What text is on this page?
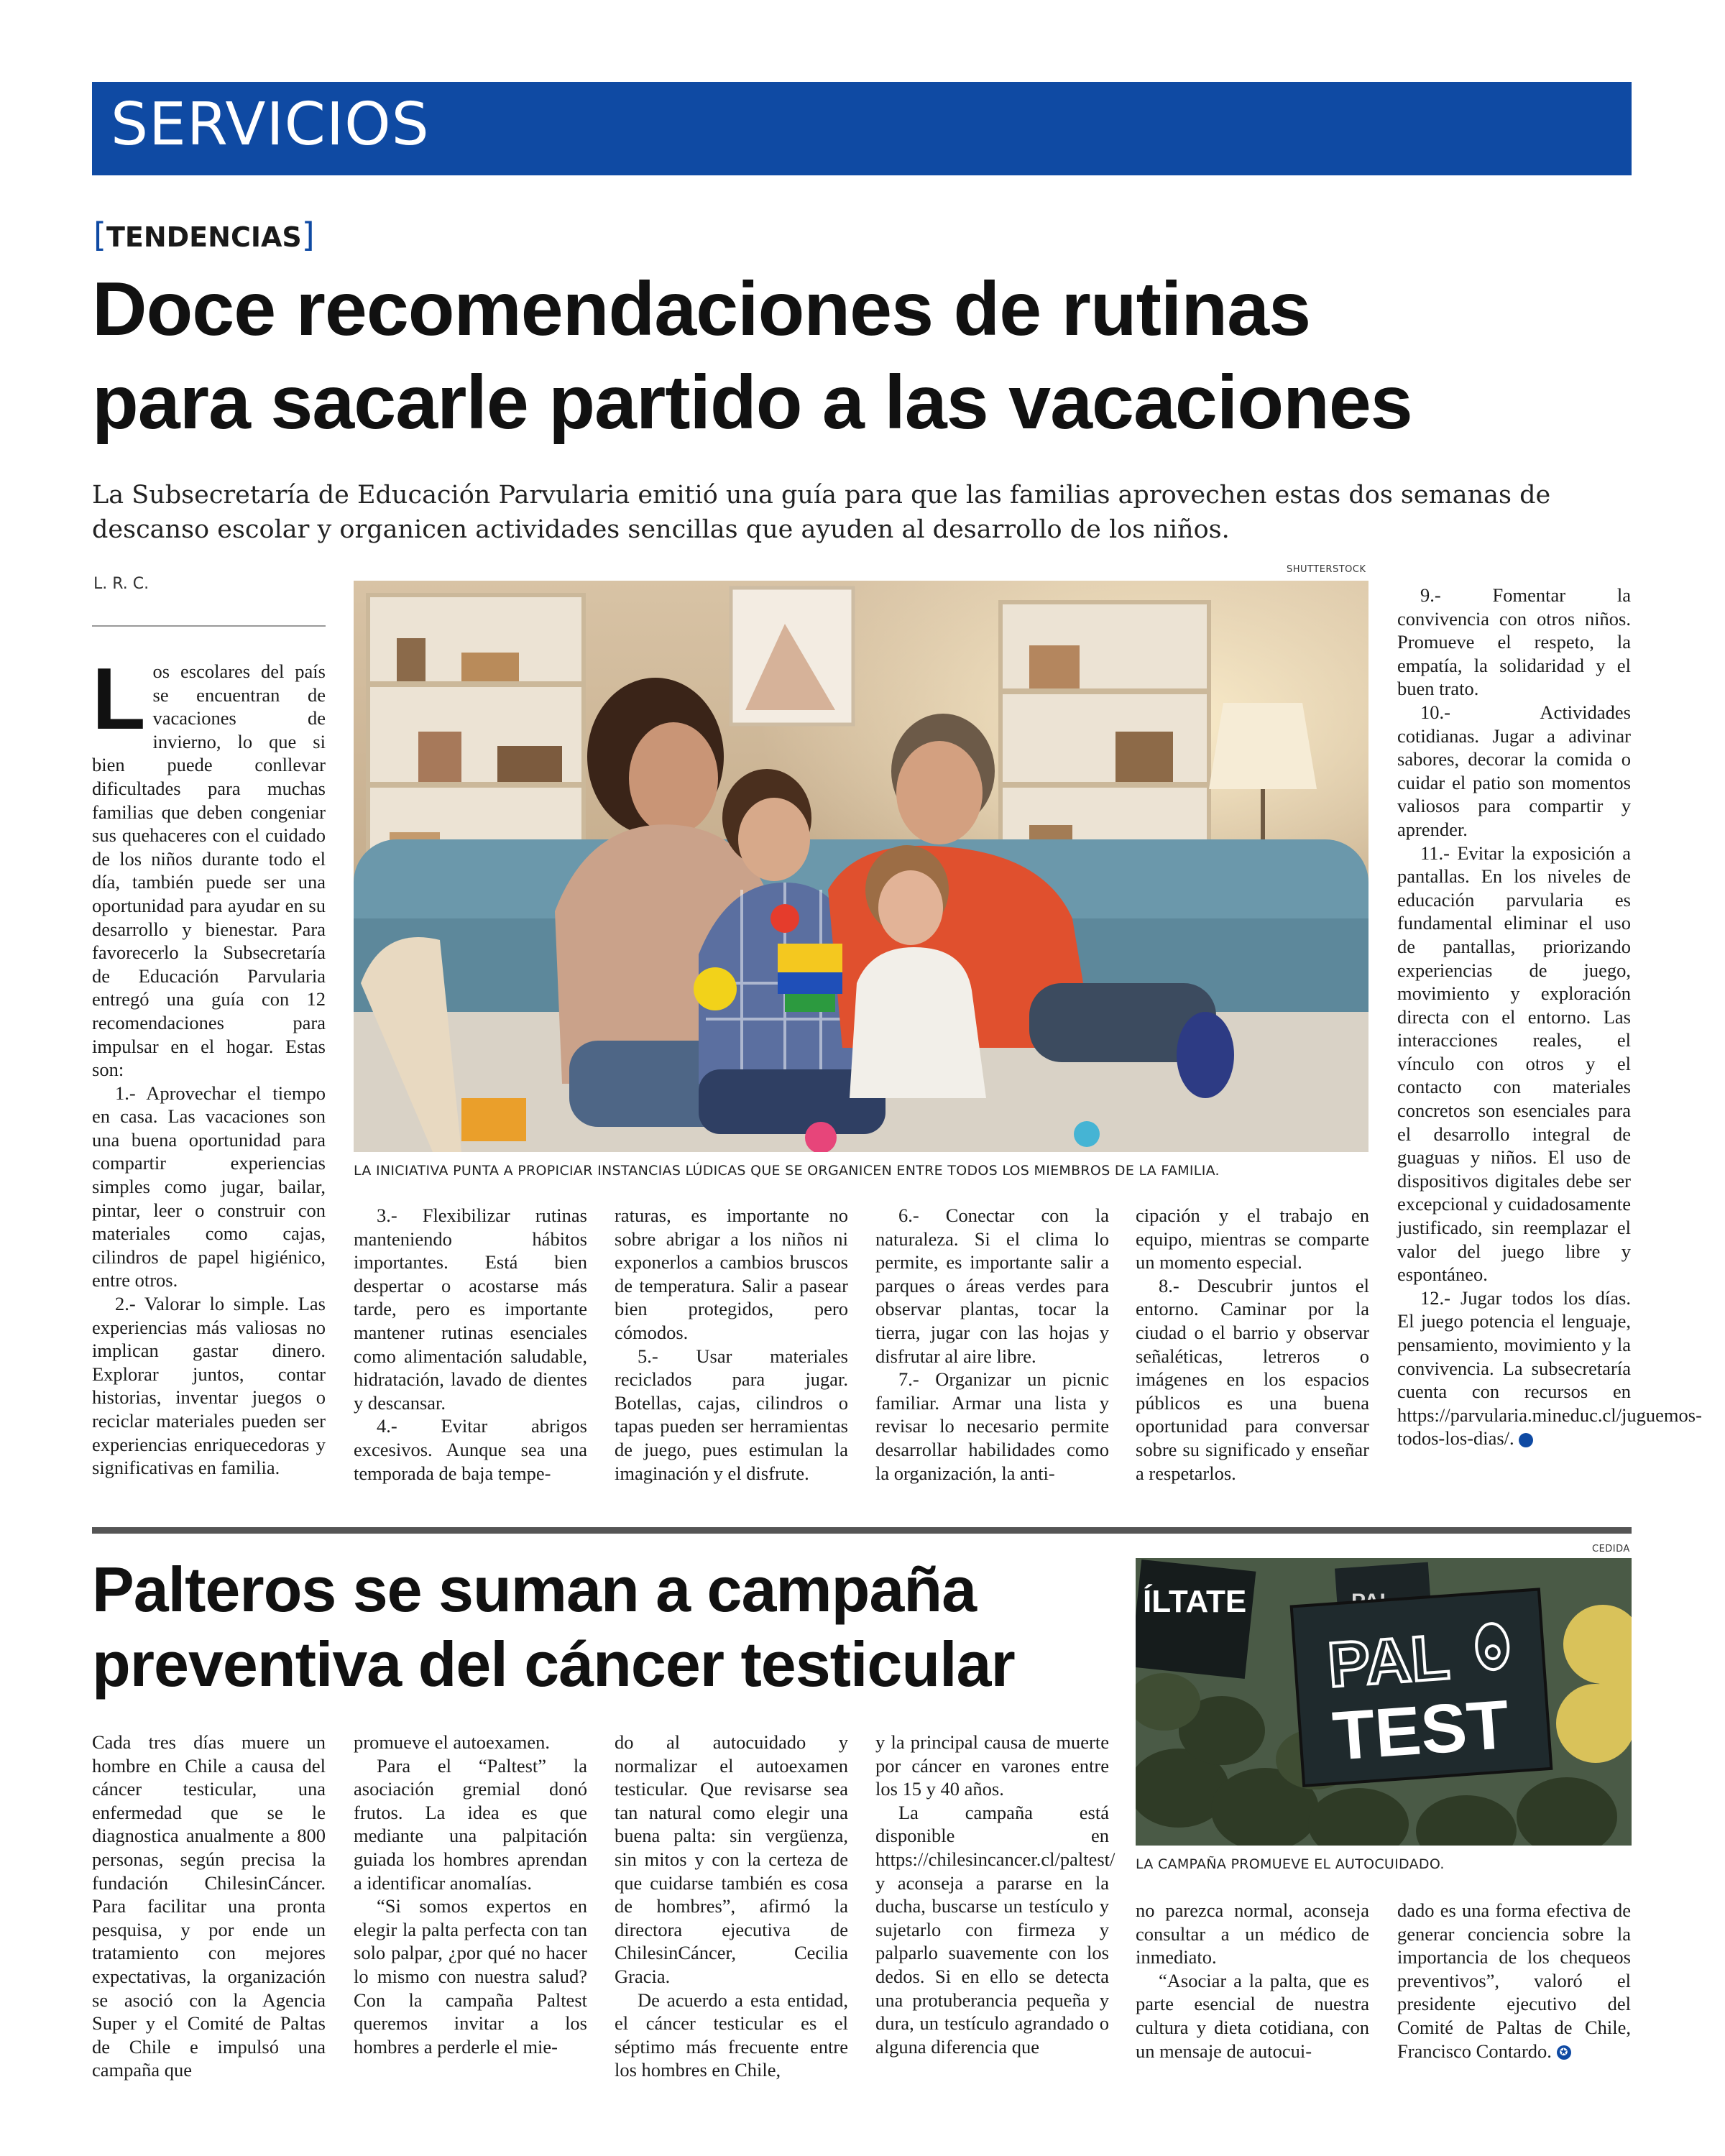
SERVICIOS
[TENDENCIAS]
Doce recomendaciones de rutinas
para sacarle partido a las vacaciones
La Subsecretaría de Educación Parvularia emitió una guía para que las familias aprovechen estas dos semanas de descanso escolar y organicen actividades sencillas que ayuden al desarrollo de los niños.
L. R. C.

Los escolares del país se encuentran de vacaciones de invierno, lo que si bien puede conllevar dificultades para muchas familias que deben congeniar sus quehaceres con el cuidado de los niños durante todo el día, también puede ser una oportunidad para ayudar en su desarrollo y bienestar. Para favorecerlo la Subsecretaría de Educación Parvularia entregó una guía con 12 recomendaciones para impulsar en el hogar. Estas son:

1.- Aprovechar el tiempo en casa. Las vacaciones son una buena oportunidad para compartir experiencias simples como jugar, bailar, pintar, leer o construir con materiales como cajas, cilindros de papel higiénico, entre otros.

2.- Valorar lo simple. Las experiencias más valiosas no implican gastar dinero. Explorar juntos, contar historias, inventar juegos o reciclar materiales pueden ser experiencias enriquecedoras y significativas en familia.

SHUTTERSTOCK
LA INICIATIVA PUNTA A PROPICIAR INSTANCIAS LÚDICAS QUE SE ORGANICEN ENTRE TODOS LOS MIEMBROS DE LA FAMILIA.

3.- Flexibilizar rutinas manteniendo hábitos importantes. Está bien despertar o acostarse más tarde, pero es importante mantener rutinas esenciales como alimentación saludable, hidratación, lavado de dientes y descansar.

4.- Evitar abrigos excesivos. Aunque sea una temporada de baja tempe-

raturas, es importante no sobre abrigar a los niños ni exponerlos a cambios bruscos de temperatura. Salir a pasear bien protegidos, pero cómodos.

5.- Usar materiales reciclados para jugar. Botellas, cajas, cilindros o tapas pueden ser herramientas de juego, pues estimulan la imaginación y el disfrute.

6.- Conectar con la naturaleza. Si el clima lo permite, es importante salir a parques o áreas verdes para observar plantas, tocar la tierra, jugar con las hojas y disfrutar al aire libre.

7.- Organizar un picnic familiar. Armar una lista y revisar lo necesario permite desarrollar habilidades como la organización, la anti-

cipación y el trabajo en equipo, mientras se comparte un momento especial.

8.- Descubrir juntos el entorno. Caminar por la ciudad o el barrio y observar señaléticas, letreros o imágenes en los espacios públicos es una buena oportunidad para conversar sobre su significado y enseñar a respetarlos.

9.- Fomentar la convivencia con otros niños. Promueve el respeto, la empatía, la solidaridad y el buen trato.

10.- Actividades cotidianas. Jugar a adivinar sabores, decorar la comida o cuidar el patio son momentos valiosos para compartir y aprender.

11.- Evitar la exposición a pantallas. En los niveles de educación parvularia es fundamental eliminar el uso de pantallas, priorizando experiencias de juego, movimiento y exploración directa con el entorno. Las interacciones reales, el vínculo con otros y el contacto con materiales concretos son esenciales para el desarrollo integral de guaguas y niños. El uso de dispositivos digitales debe ser excepcional y cuidadosamente justificado, sin reemplazar el valor del juego libre y espontáneo.

12.- Jugar todos los días. El juego potencia el lenguaje, pensamiento, movimiento y la convivencia. La subsecretaría cuenta con recursos en https://parvularia.mineduc.cl/juguemos-todos-los-dias/.	✪

Palteros se suman a campaña
preventiva del cáncer testicular
CEDIDA
ÍLTATE
PAL
TEST
LA CAMPAÑA PROMUEVE EL AUTOCUIDADO.

Cada tres días muere un hombre en Chile a causa del cáncer testicular, una enfermedad que se le diagnostica anualmente a 800 personas, según precisa la fundación ChilesinCáncer. Para facilitar una pronta pesquisa, y por ende un tratamiento con mejores expectativas, la organización se asoció con la Agencia Super y el Comité de Paltas de Chile e impulsó una campaña que

promueve el autoexamen.

Para el “Paltest” la asociación gremial donó frutos. La idea es que mediante una palpitación guiada los hombres aprendan a identificar anomalías.

“Si somos expertos en elegir la palta perfecta con tan solo palpar, ¿por qué no hacer lo mismo con nuestra salud? Con la campaña Paltest queremos invitar a los hombres a perderle el mie-

do al autocuidado y normalizar el autoexamen testicular. Que revisarse sea tan natural como elegir una buena palta: sin vergüenza, sin mitos y con la certeza de que cuidarse también es cosa de hombres”, afirmó la directora ejecutiva de ChilesinCáncer, Cecilia Gracia.

De acuerdo a esta entidad, el cáncer testicular es el séptimo más frecuente entre los hombres en Chile,

y la principal causa de muerte por cáncer en varones entre los 15 y 40 años.

La campaña está disponible en https://chilesincancer.cl/paltest/ y aconseja a pararse en la ducha, buscarse un testículo y sujetarlo con firmeza y palparlo suavemente con los dedos. Si en ello se detecta una protuberancia pequeña y dura, un testículo agrandado o alguna diferencia que

no parezca normal, aconseja consultar a un médico de inmediato.

“Asociar a la palta, que es parte esencial de nuestra cultura y dieta cotidiana, con un mensaje de autocui-

dado es una forma efectiva de generar conciencia sobre la importancia de los chequeos preventivos”, valoró el presidente ejecutivo del Comité de Paltas de Chile, Francisco Contardo. ✪
